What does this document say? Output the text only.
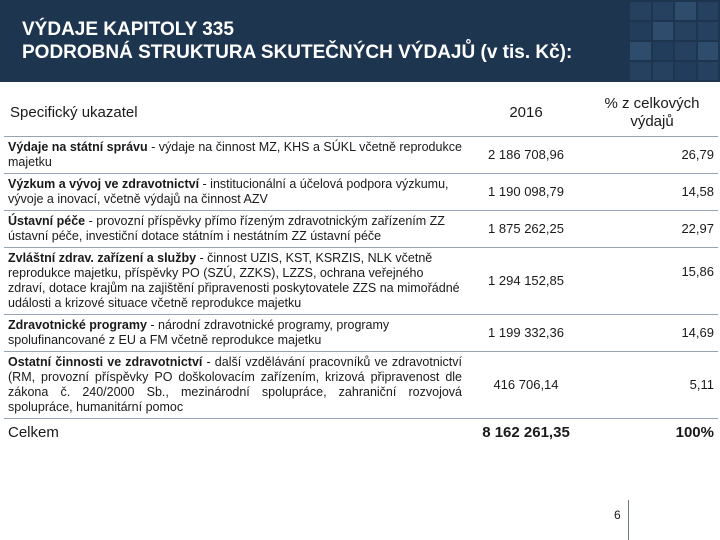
VÝDAJE KAPITOLY 335
PODROBNÁ STRUKTURA SKUTEČNÝCH VÝDAJŮ (v tis. Kč):
Specifický ukazatel	2016	% z celkových výdajů
Výdaje na státní správu - výdaje na činnost MZ, KHS a SÚKL včetně reprodukce majetku	2 186 708,96	26,79
Výzkum a vývoj ve zdravotnictví - institucionální a účelová podpora výzkumu, vývoje a inovací, včetně výdajů na činnost AZV	1 190 098,79	14,58
Ústavní péče - provozní příspěvky přímo řízeným zdravotnickým zařízením ZZ ústavní péče, investiční dotace státním i nestátním ZZ ústavní péče	1 875 262,25	22,97
Zvláštní zdrav. zařízení a služby - činnost UZIS, KST, KSRZIS, NLK včetně reprodukce majetku, příspěvky PO (SZÚ, ZZKS), LZZS, ochrana veřejného zdraví, dotace krajům na zajištění připravenosti poskytovatele ZZS na mimořádné události a krizové situace včetně reprodukce majetku	1 294 152,85	15,86
Zdravotnické programy - národní zdravotnické programy, programy spolufinancované z EU a FM včetně reprodukce majetku	1 199 332,36	14,69
Ostatní činnosti ve zdravotnictví - další vzdělávání pracovníků ve zdravotnictví (RM, provozní příspěvky PO doškolovacím zařízením, krizová připravenost dle zákona č. 240/2000 Sb., mezinárodní spolupráce, zahraniční rozvojová spolupráce, humanitární pomoc	416 706,14	5,11
Celkem	8 162 261,35	100%
6
